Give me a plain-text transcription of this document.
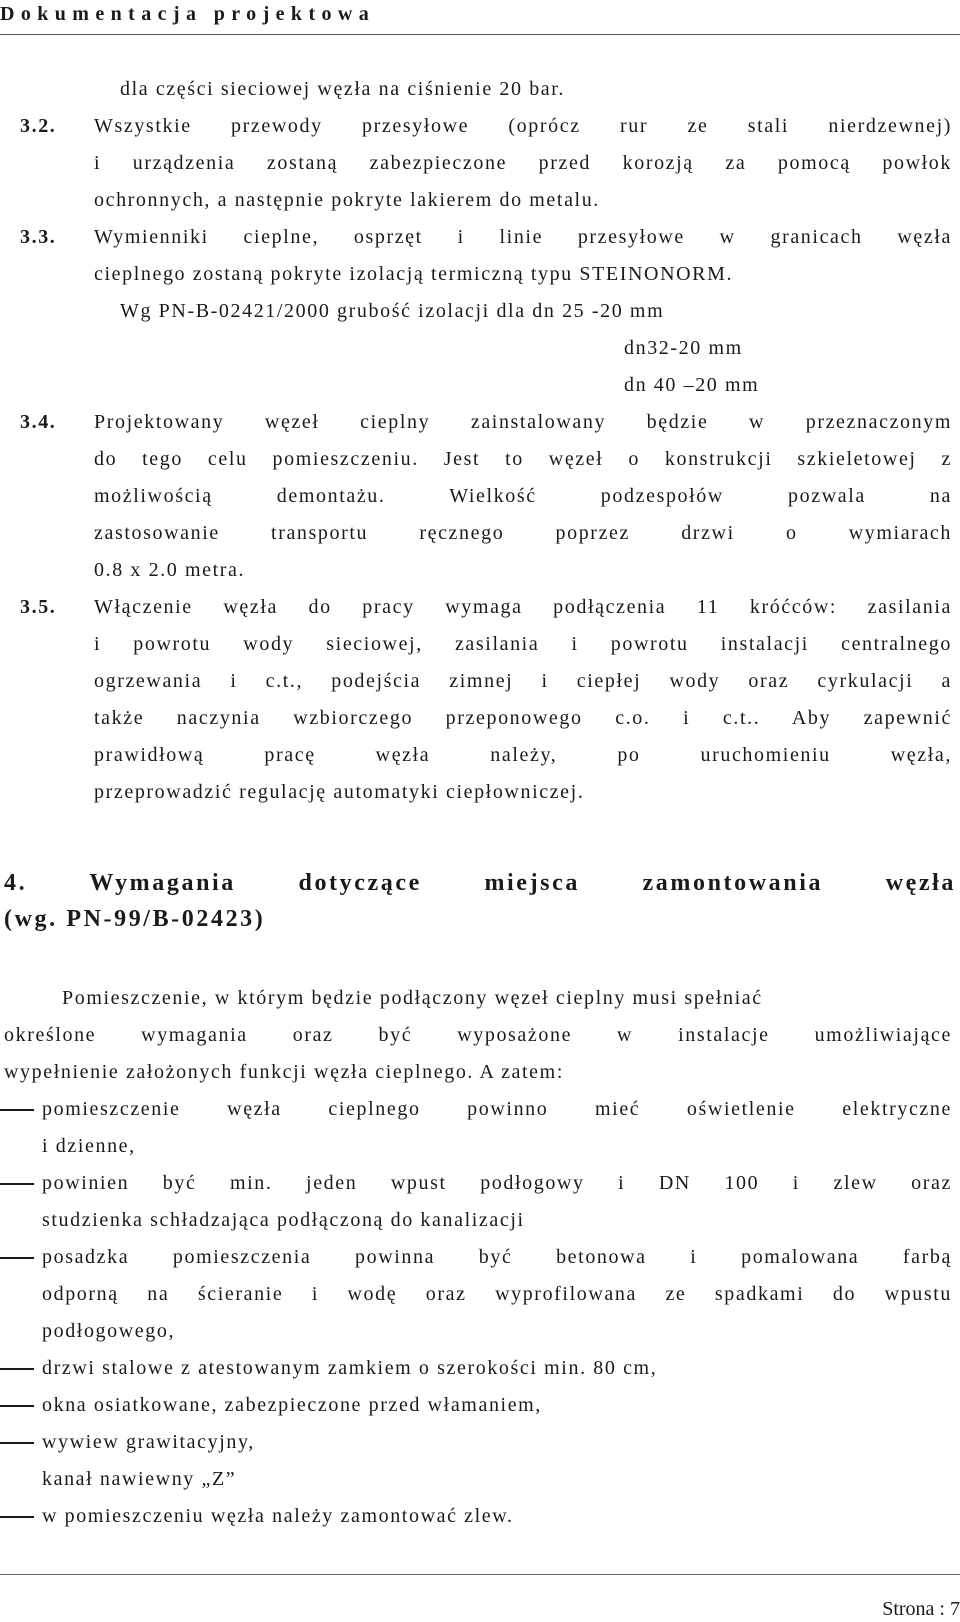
Dokumentacja projektowa
dla części sieciowej węzła na ciśnienie 20 bar.
3.2. Wszystkie przewody przesyłowe (oprócz rur ze stali nierdzewnej)
i urządzenia zostaną zabezpieczone przed korozją za pomocą powłok
ochronnych, a następnie pokryte lakierem do metalu.
3.3. Wymienniki cieplne, osprzęt i linie przesyłowe w granicach węzła
cieplnego zostaną pokryte izolacją termiczną typu STEINONORM.
Wg PN-B-02421/2000 grubość izolacji dla dn 25 -20 mm
dn32-20 mm
dn 40 –20 mm
3.4. Projektowany węzeł cieplny zainstalowany będzie w przeznaczonym
do tego celu pomieszczeniu. Jest to węzeł o konstrukcji szkieletowej z
możliwością demontażu. Wielkość podzespołów pozwala na
zastosowanie transportu ręcznego poprzez drzwi o wymiarach
0.8 x 2.0 metra.
3.5. Włączenie węzła do pracy wymaga podłączenia 11 króćców: zasilania
i powrotu wody sieciowej, zasilania i powrotu instalacji centralnego
ogrzewania i c.t., podejścia zimnej i ciepłej wody oraz cyrkulacji a
także naczynia wzbiorczego przeponowego c.o. i c.t.. Aby zapewnić
prawidłową pracę węzła należy, po uruchomieniu węzła,
przeprowadzić regulację automatyki ciepłowniczej.
4. Wymagania dotyczące miejsca zamontowania węzła
(wg. PN-99/B-02423)
Pomieszczenie, w którym będzie podłączony węzeł cieplny musi spełniać
określone wymagania oraz być wyposażone w instalacje umożliwiające
wypełnienie założonych funkcji węzła cieplnego. A zatem:
pomieszczenie węzła cieplnego powinno mieć oświetlenie elektryczne
i dzienne,
powinien być min. jeden wpust podłogowy i DN 100 i zlew oraz
studzienka schładzająca podłączoną do kanalizacji
posadzka pomieszczenia powinna być betonowa i pomalowana farbą
odporną na ścieranie i wodę oraz wyprofilowana ze spadkami do wpustu
podłogowego,
drzwi stalowe z atestowanym zamkiem o szerokości min. 80 cm,
okna osiatkowane, zabezpieczone przed włamaniem,
wywiew grawitacyjny,
kanał nawiewny „Z”
w pomieszczeniu węzła należy zamontować zlew.
Strona : 7
